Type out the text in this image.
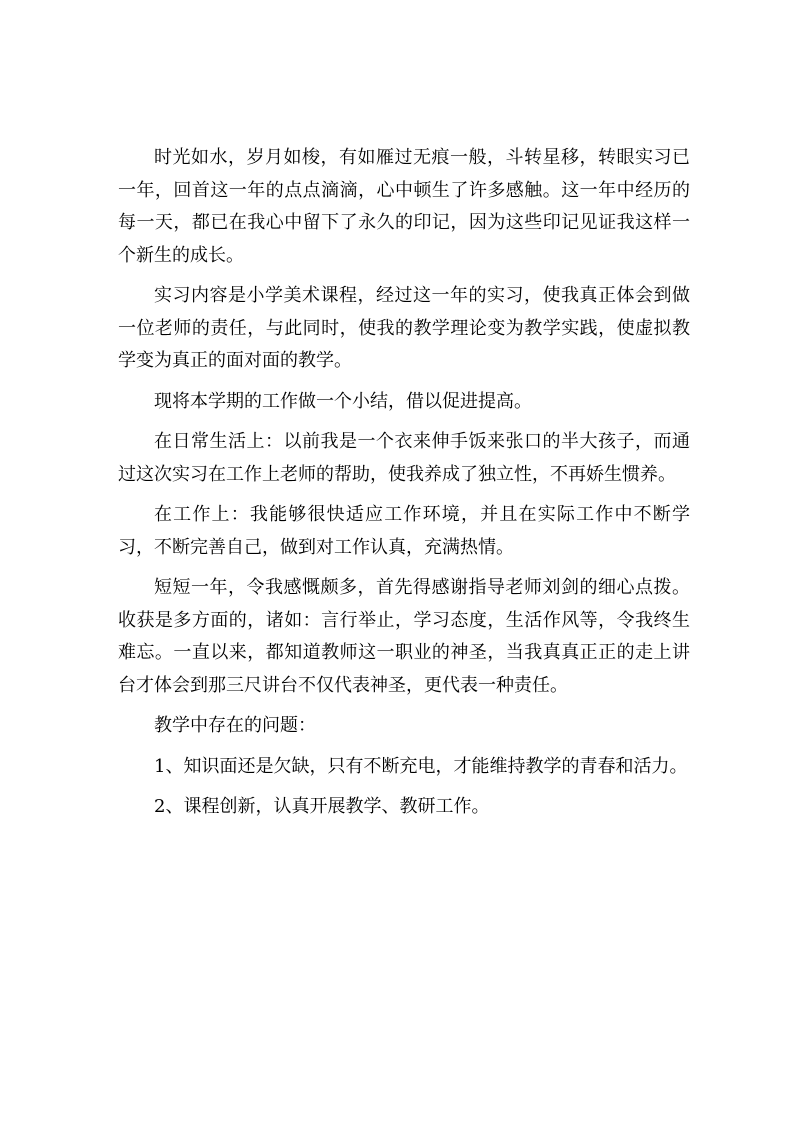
时光如水，岁月如梭，有如雁过无痕一般，斗转星移，转眼实习已一年，回首这一年的点点滴滴，心中顿生了许多感触。这一年中经历的每一天，都已在我心中留下了永久的印记，因为这些印记见证我这样一个新生的成长。

实习内容是小学美术课程，经过这一年的实习，使我真正体会到做一位老师的责任，与此同时，使我的教学理论变为教学实践，使虚拟教学变为真正的面对面的教学。

现将本学期的工作做一个小结，借以促进提高。

在日常生活上：以前我是一个衣来伸手饭来张口的半大孩子，而通过这次实习在工作上老师的帮助，使我养成了独立性，不再娇生惯养。

在工作上：我能够很快适应工作环境，并且在实际工作中不断学习，不断完善自己，做到对工作认真，充满热情。

短短一年，令我感慨颇多，首先得感谢指导老师刘剑的细心点拨。收获是多方面的，诸如：言行举止，学习态度，生活作风等，令我终生难忘。一直以来，都知道教师这一职业的神圣，当我真真正正的走上讲台才体会到那三尺讲台不仅代表神圣，更代表一种责任。

教学中存在的问题：

1、知识面还是欠缺，只有不断充电，才能维持教学的青春和活力。

2、课程创新，认真开展教学、教研工作。
